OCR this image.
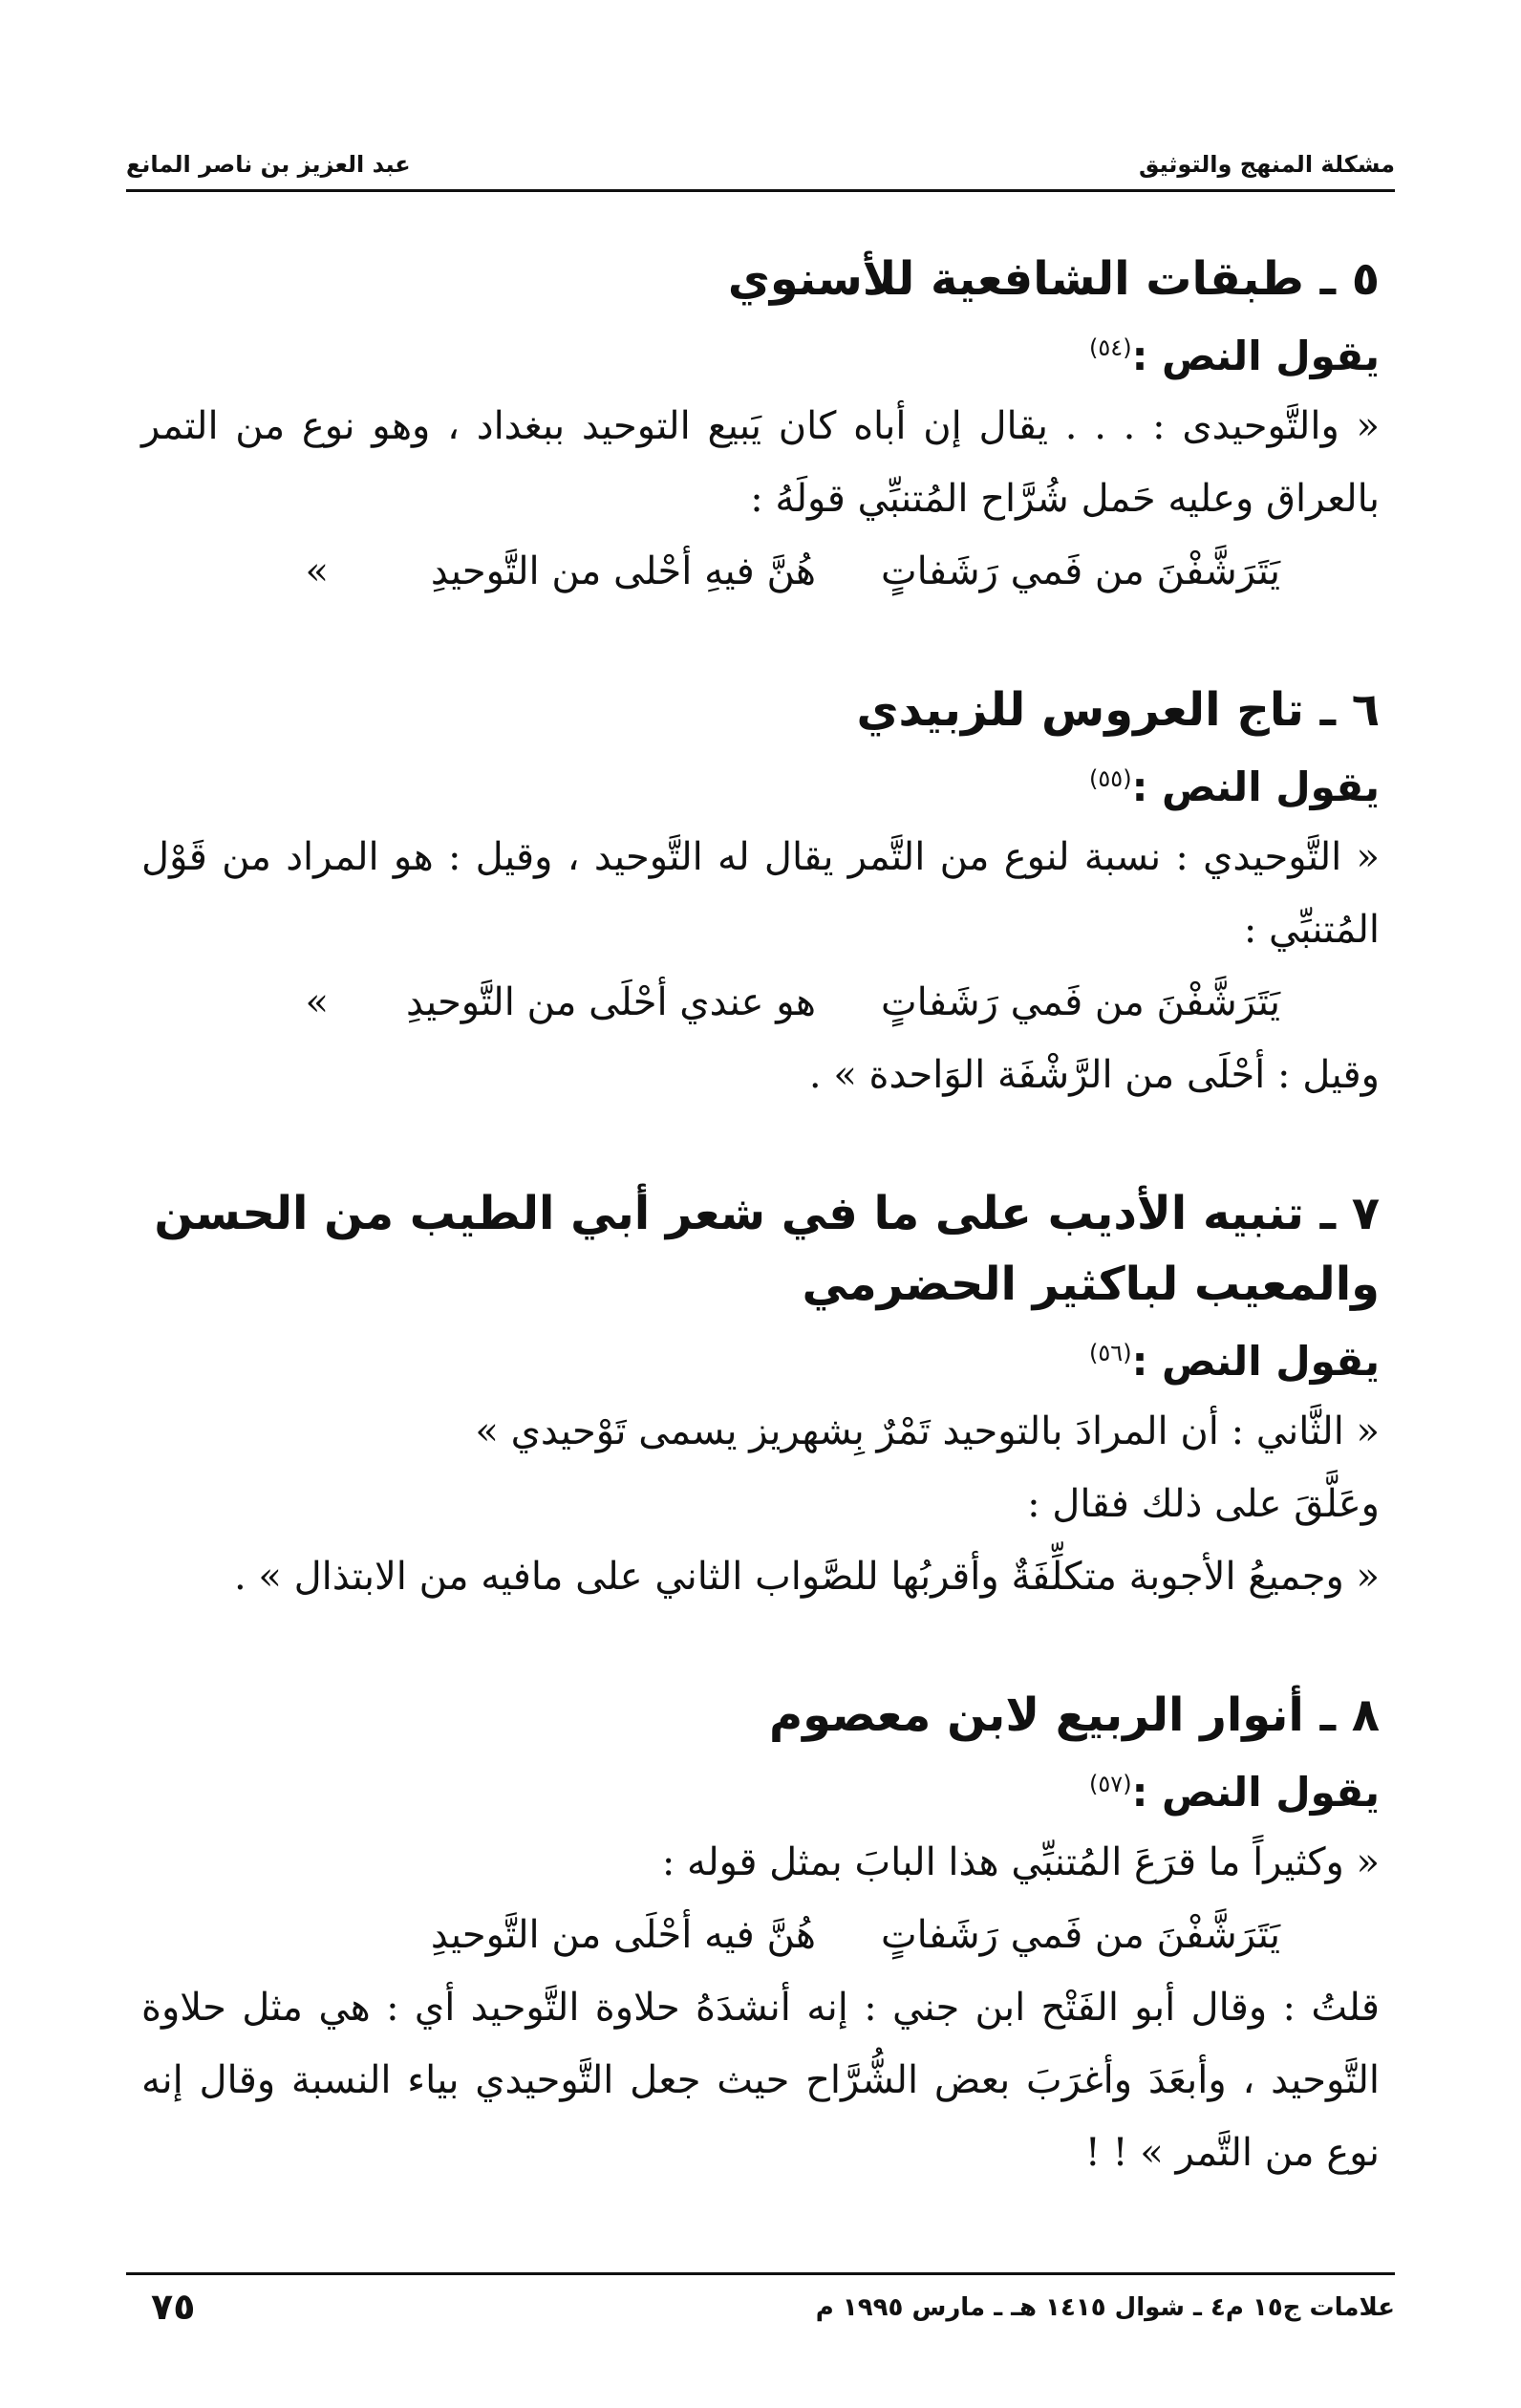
مشكلة المنهج والتوثيق
عبد العزيز بن ناصر المانع
٥ ـ طبقات الشافعية للأسنوي
يقول النص :$^{(٥٤)}$

« والتَّوحيدى : . . . يقال إن أباه كان يَبيع التوحيد ببغداد ، وهو نوع من التمر بالعراق وعليه حَمل شُرَّاح المُتنبِّي قولَهُ :

يَتَرَشَّفْنَ من فَمي رَشَفاتٍ
هُنَّ فيهِ أحْلى من التَّوحيدِ
»
٦ ـ تاج العروس للزبيدي
يقول النص :$^{(٥٥)}$

« التَّوحيدي : نسبة لنوع من التَّمر يقال له التَّوحيد ، وقيل : هو المراد من قَوْل المُتنبِّي :

يَتَرَشَّفْنَ من فَمي رَشَفاتٍ
هو عندي أحْلَى من التَّوحيدِ
»

وقيل : أحْلَى من الرَّشْفَة الوَاحدة » .

٧ ـ تنبيه الأديب على ما في شعر أبي الطيب من الحسن والمعيب لباكثير الحضرمي
يقول النص :$^{(٥٦)}$

« الثَّاني : أن المرادَ بالتوحيد تَمْرٌ بِشهريز يسمى تَوْحيدي »

وعَلَّقَ على ذلك فقال :

« وجميعُ الأجوبة متكلِّفَةٌ وأقربُها للصَّواب الثاني على مافيه من الابتذال » .

٨ ـ أنوار الربيع لابن معصوم
يقول النص :$^{(٥٧)}$

« وكثيراً ما قرَعَ المُتنبِّي هذا البابَ بمثل قوله :

يَتَرَشَّفْنَ من فَمي رَشَفاتٍ
هُنَّ فيه أحْلَى من التَّوحيدِ

قلتُ : وقال أبو الفَتْح ابن جني : إنه أنشدَهُ حلاوة التَّوحيد أي : هي مثل حلاوة التَّوحيد ، وأبعَدَ وأغرَبَ بعض الشُّرَّاح حيث جعل التَّوحيدي بياء النسبة وقال إنه نوع من التَّمر » ! !

علامات ج١٥ م٤ ـ شوال ١٤١٥ هـ ـ مارس ١٩٩٥ م
٧٥
